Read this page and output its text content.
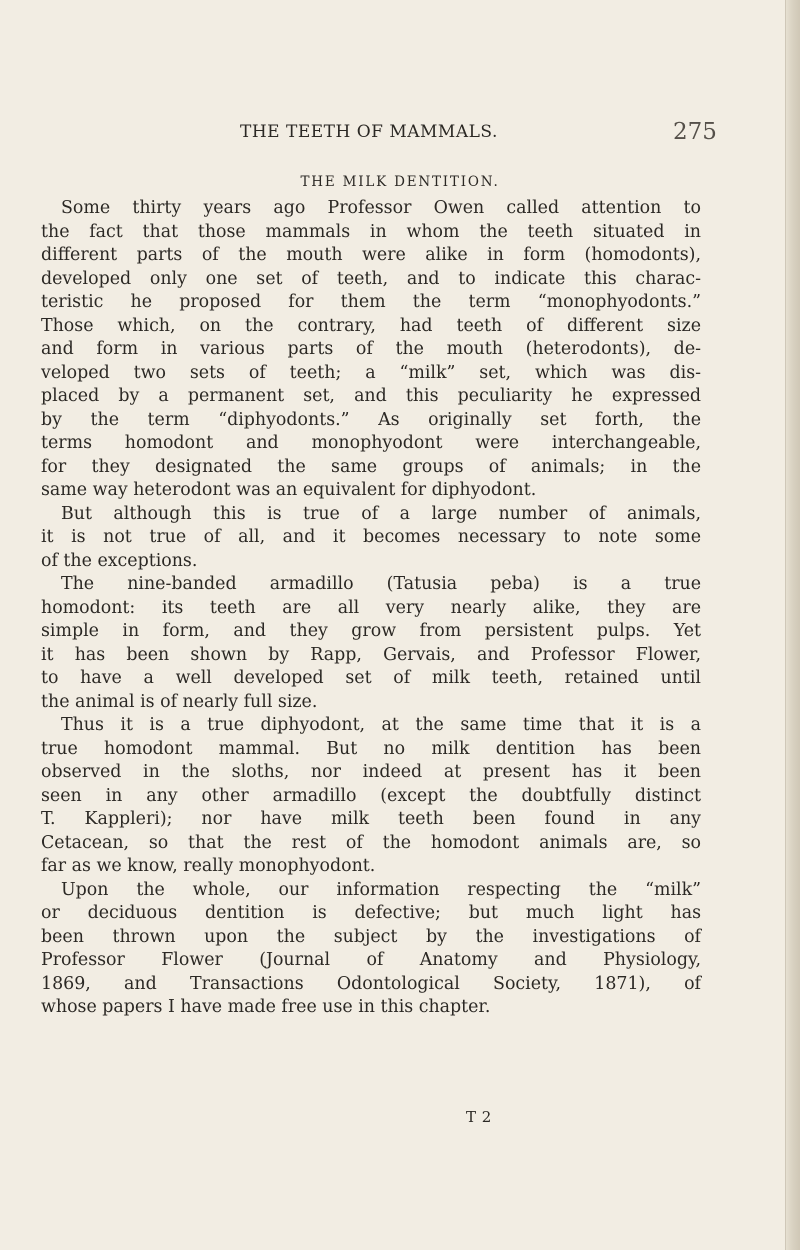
THE TEETH OF MAMMALS.	275
THE MILK DENTITION.
Some thirty years ago Professor Owen called attention to
the fact that those mammals in whom the teeth situated in
different parts of the mouth were alike in form (homodonts),
developed only one set of teeth, and to indicate this charac-
teristic he proposed for them the term “monophyodonts.”
Those which, on the contrary, had teeth of different size
and form in various parts of the mouth (heterodonts), de-
veloped two sets of teeth; a “milk” set, which was dis-
placed by a permanent set, and this peculiarity he expressed
by the term “diphyodonts.” As originally set forth, the
terms homodont and monophyodont were interchangeable,
for they designated the same groups of animals; in the
same way heterodont was an equivalent for diphyodont.
But although this is true of a large number of animals,
it is not true of all, and it becomes necessary to note some
of the exceptions.
The nine-banded armadillo (Tatusia peba) is a true
homodont: its teeth are all very nearly alike, they are
simple in form, and they grow from persistent pulps. Yet
it has been shown by Rapp, Gervais, and Professor Flower,
to have a well developed set of milk teeth, retained until
the animal is of nearly full size.
Thus it is a true diphyodont, at the same time that it is a
true homodont mammal. But no milk dentition has been
observed in the sloths, nor indeed at present has it been
seen in any other armadillo (except the doubtfully distinct
T. Kappleri); nor have milk teeth been found in any
Cetacean, so that the rest of the homodont animals are, so
far as we know, really monophyodont.
Upon the whole, our information respecting the “milk”
or deciduous dentition is defective; but much light has
been thrown upon the subject by the investigations of
Professor Flower (Journal of Anatomy and Physiology,
1869, and Transactions Odontological Society, 1871), of
whose papers I have made free use in this chapter.
T 2
